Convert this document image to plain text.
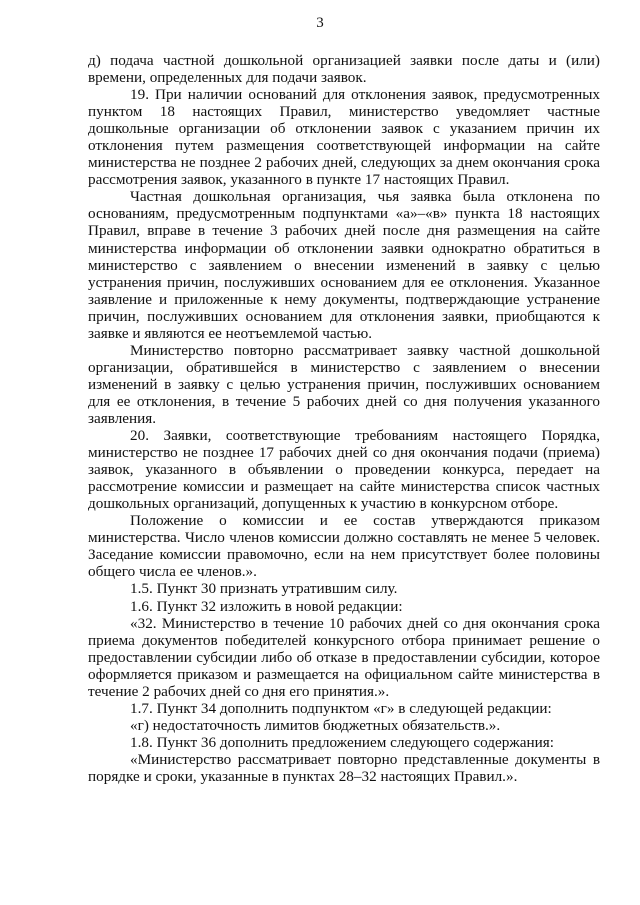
3

д) подача частной дошкольной организацией заявки после даты и (или) времени, определенных для подачи заявок.

19. При наличии оснований для отклонения заявок, предусмотренных пунктом 18 настоящих Правил, министерство уведомляет частные дошкольные организации об отклонении заявок с указанием причин их отклонения путем размещения соответствующей информации на сайте министерства не позднее 2 рабочих дней, следующих за днем окончания срока рассмотрения заявок, указанного в пункте 17 настоящих Правил.

Частная дошкольная организация, чья заявка была отклонена по основаниям, предусмотренным подпунктами «а»–«в» пункта 18 настоящих Правил, вправе в течение 3 рабочих дней после дня размещения на сайте министерства информации об отклонении заявки однократно обратиться в министерство с заявлением о внесении изменений в заявку с целью устранения причин, послуживших основанием для ее отклонения. Указанное заявление и приложенные к нему документы, подтверждающие устранение причин, послуживших основанием для отклонения заявки, приобщаются к заявке и являются ее неотъемлемой частью.

Министерство повторно рассматривает заявку частной дошкольной организации, обратившейся в министерство с заявлением о внесении изменений в заявку с целью устранения причин, послуживших основанием для ее отклонения, в течение 5 рабочих дней со дня получения указанного заявления.

20. Заявки, соответствующие требованиям настоящего Порядка, министерство не позднее 17 рабочих дней со дня окончания подачи (приема) заявок, указанного в объявлении о проведении конкурса, передает на рассмотрение комиссии и размещает на сайте министерства список частных дошкольных организаций, допущенных к участию в конкурсном отборе.

Положение о комиссии и ее состав утверждаются приказом министерства. Число членов комиссии должно составлять не менее 5 человек. Заседание комиссии правомочно, если на нем присутствует более половины общего числа ее членов.».

1.5. Пункт 30 признать утратившим силу.

1.6. Пункт 32 изложить в новой редакции:

«32. Министерство в течение 10 рабочих дней со дня окончания срока приема документов победителей конкурсного отбора принимает решение о предоставлении субсидии либо об отказе в предоставлении субсидии, которое оформляется приказом и размещается на официальном сайте министерства в течение 2 рабочих дней со дня его принятия.».

1.7. Пункт 34 дополнить подпунктом «г» в следующей редакции:

«г) недостаточность лимитов бюджетных обязательств.».

1.8. Пункт 36 дополнить предложением следующего содержания:

«Министерство рассматривает повторно представленные документы в порядке и сроки, указанные в пунктах 28–32 настоящих Правил.».
